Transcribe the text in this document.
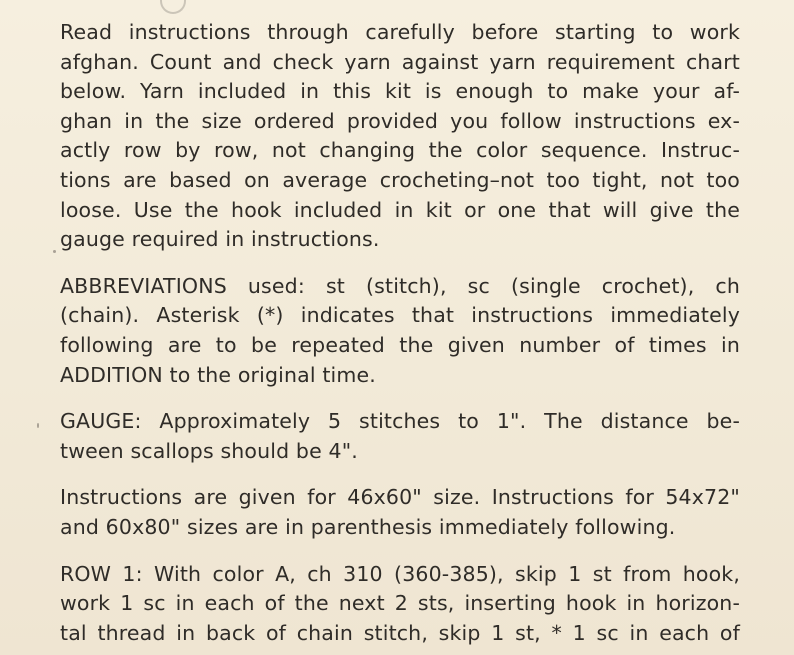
Read instructions through carefully before starting to work
afghan. Count and check yarn against yarn requirement chart
below. Yarn included in this kit is enough to make your af-
ghan in the size ordered provided you follow instructions ex-
actly row by row, not changing the color sequence. Instruc-
tions are based on average crocheting–not too tight, not too
loose. Use the hook included in kit or one that will give the
gauge required in instructions.
ABBREVIATIONS used: st (stitch), sc (single crochet), ch
(chain). Asterisk (*) indicates that instructions immediately
following are to be repeated the given number of times in
ADDITION to the original time.
GAUGE: Approximately 5 stitches to 1". The distance be-
tween scallops should be 4".
Instructions are given for 46x60" size. Instructions for 54x72"
and 60x80" sizes are in parenthesis immediately following.
ROW 1: With color A, ch 310 (360-385), skip 1 st from hook,
work 1 sc in each of the next 2 sts, inserting hook in horizon-
tal thread in back of chain stitch, skip 1 st, * 1 sc in each of
